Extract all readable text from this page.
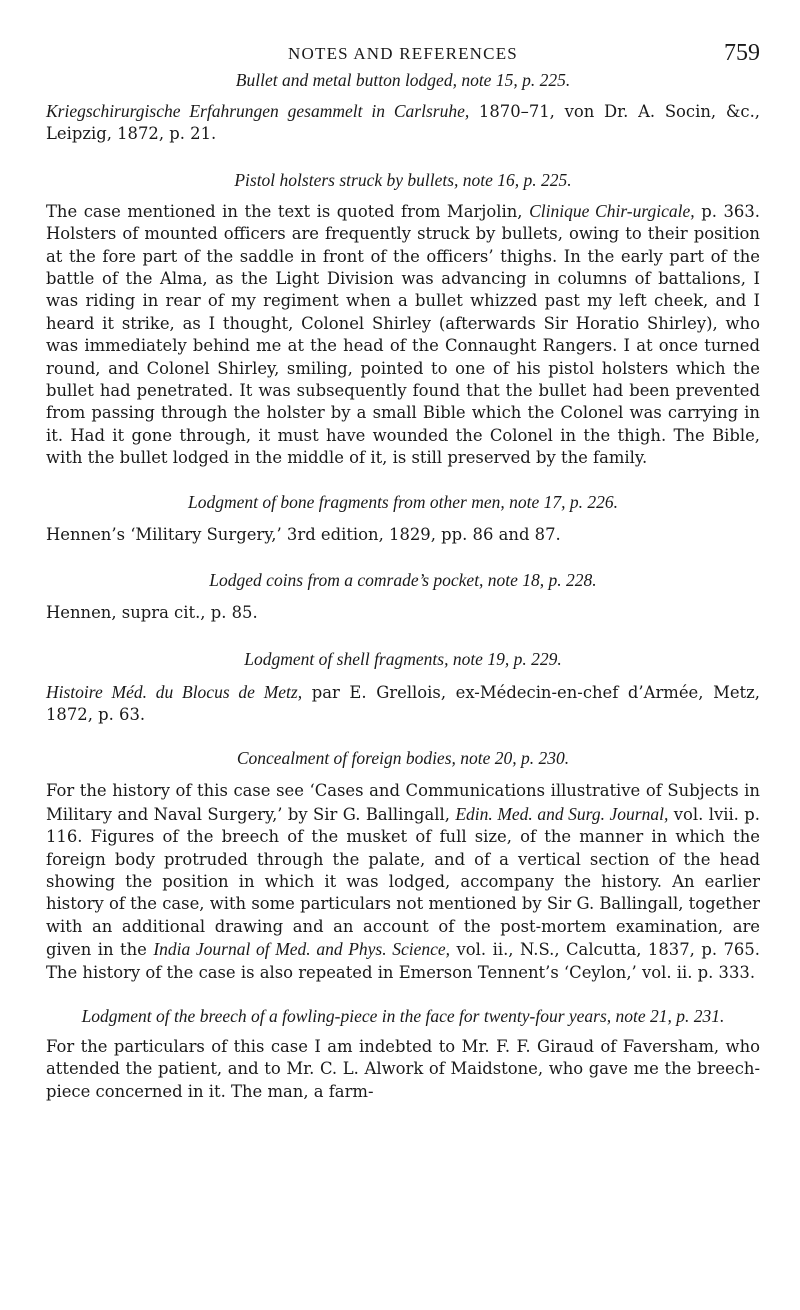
NOTES AND REFERENCES	759

Bullet and metal button lodged, note 15, p. 225.

Kriegschirurgische Erfahrungen gesammelt in Carlsruhe, 1870–71, von Dr. A. Socin, &c., Leipzig, 1872, p. 21.

Pistol holsters struck by bullets, note 16, p. 225.

The case mentioned in the text is quoted from Marjolin, Clinique Chir-urgicale, p. 363. Holsters of mounted officers are frequently struck by bullets, owing to their position at the fore part of the saddle in front of the officers’ thighs. In the early part of the battle of the Alma, as the Light Division was advancing in columns of battalions, I was riding in rear of my regiment when a bullet whizzed past my left cheek, and I heard it strike, as I thought, Colonel Shirley (afterwards Sir Horatio Shirley), who was immediately behind me at the head of the Connaught Rangers. I at once turned round, and Colonel Shirley, smiling, pointed to one of his pistol holsters which the bullet had penetrated. It was subsequently found that the bullet had been prevented from passing through the holster by a small Bible which the Colonel was carrying in it. Had it gone through, it must have wounded the Colonel in the thigh. The Bible, with the bullet lodged in the middle of it, is still preserved by the family.

Lodgment of bone fragments from other men, note 17, p. 226.

Hennen’s ‘Military Surgery,’ 3rd edition, 1829, pp. 86 and 87.

Lodged coins from a comrade’s pocket, note 18, p. 228.

Hennen, supra cit., p. 85.

Lodgment of shell fragments, note 19, p. 229.

Histoire Méd. du Blocus de Metz, par E. Grellois, ex-Médecin-en-chef d’Armée, Metz, 1872, p. 63.

Concealment of foreign bodies, note 20, p. 230.

For the history of this case see ‘Cases and Communications illustrative of Subjects in Military and Naval Surgery,’ by Sir G. Ballingall, Edin. Med. and Surg. Journal, vol. lvii. p. 116. Figures of the breech of the musket of full size, of the manner in which the foreign body protruded through the palate, and of a vertical section of the head showing the position in which it was lodged, accompany the history. An earlier history of the case, with some particulars not mentioned by Sir G. Ballingall, together with an additional drawing and an account of the post-mortem examination, are given in the India Journal of Med. and Phys. Science, vol. ii., N.S., Calcutta, 1837, p. 765. The history of the case is also repeated in Emerson Tennent’s ‘Ceylon,’ vol. ii. p. 333.

Lodgment of the breech of a fowling-piece in the face for twenty-four years, note 21, p. 231.

For the particulars of this case I am indebted to Mr. F. F. Giraud of Faversham, who attended the patient, and to Mr. C. L. Alwork of Maidstone, who gave me the breech-piece concerned in it. The man, a farm-
